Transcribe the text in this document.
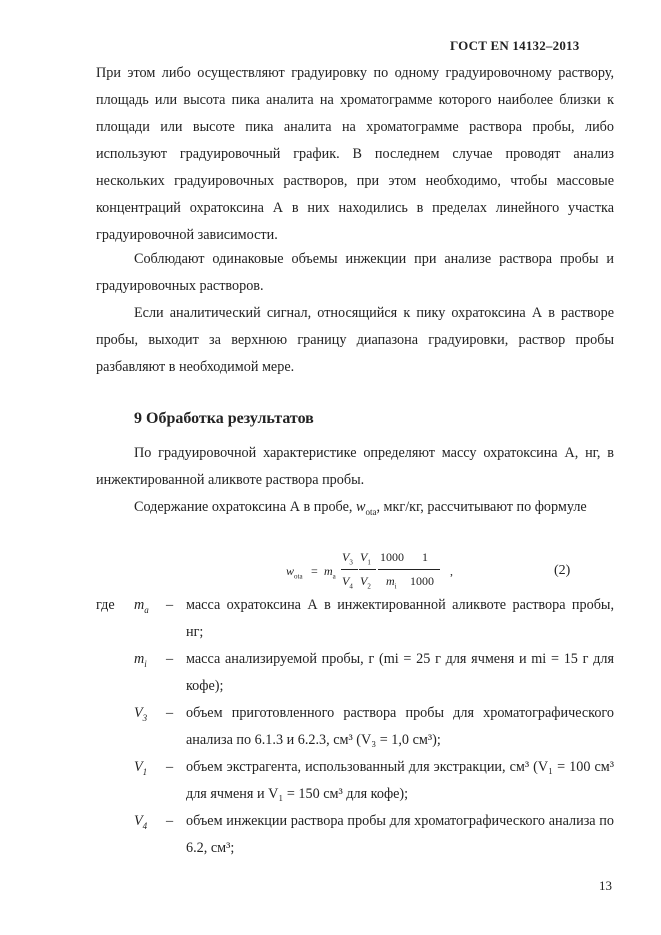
ГОСТ EN 14132–2013
При этом либо осуществляют градуировку по одному градуировочному раствору, площадь или высота пика аналита на хроматограмме которого наиболее близки к площади или высоте пика аналита на хроматограмме раствора пробы, либо используют градуировочный график. В последнем случае проводят анализ нескольких градуировочных растворов, при этом необходимо, чтобы массовые концентраций охратоксина А в них находились в пределах линейного участка градуировочной зависимости.
Соблюдают одинаковые объемы инжекции при анализе раствора пробы и градуировочных растворов.
Если аналитический сигнал, относящийся к пику охратоксина А в растворе пробы, выходит за верхнюю границу диапазона градуировки, раствор пробы разбавляют в необходимой мере.
9 Обработка результатов
По градуировочной характеристике определяют массу охратоксина А, нг, в инжектированной аликвоте раствора пробы.
Содержание охратоксина А в пробе, $w_{ota}$, мкг/кг, рассчитывают по формуле
$w_{ota} = m_a$
$V_3$
$V_4$
$V_1$
$V_2$
1000
$m_i$
1
1000
,	(2)
где $m_a$ – масса охратоксина А в инжектированной аликвоте раствора пробы, нг;
$m_i$ – масса анализируемой пробы, г (mi = 25 г для ячменя и mi = 15 г для кофе);
$V_3$ – объем приготовленного раствора пробы для хроматографического анализа по 6.1.3 и 6.2.3, см³ (V₃ = 1,0 см³);
$V_1$ – объем экстрагента, использованный для экстракции, см³ (V₁ = 100 см³ для ячменя и V₁ = 150 см³ для кофе);
$V_4$ – объем инжекции раствора пробы для хроматографического анализа по 6.2, см³;
13
